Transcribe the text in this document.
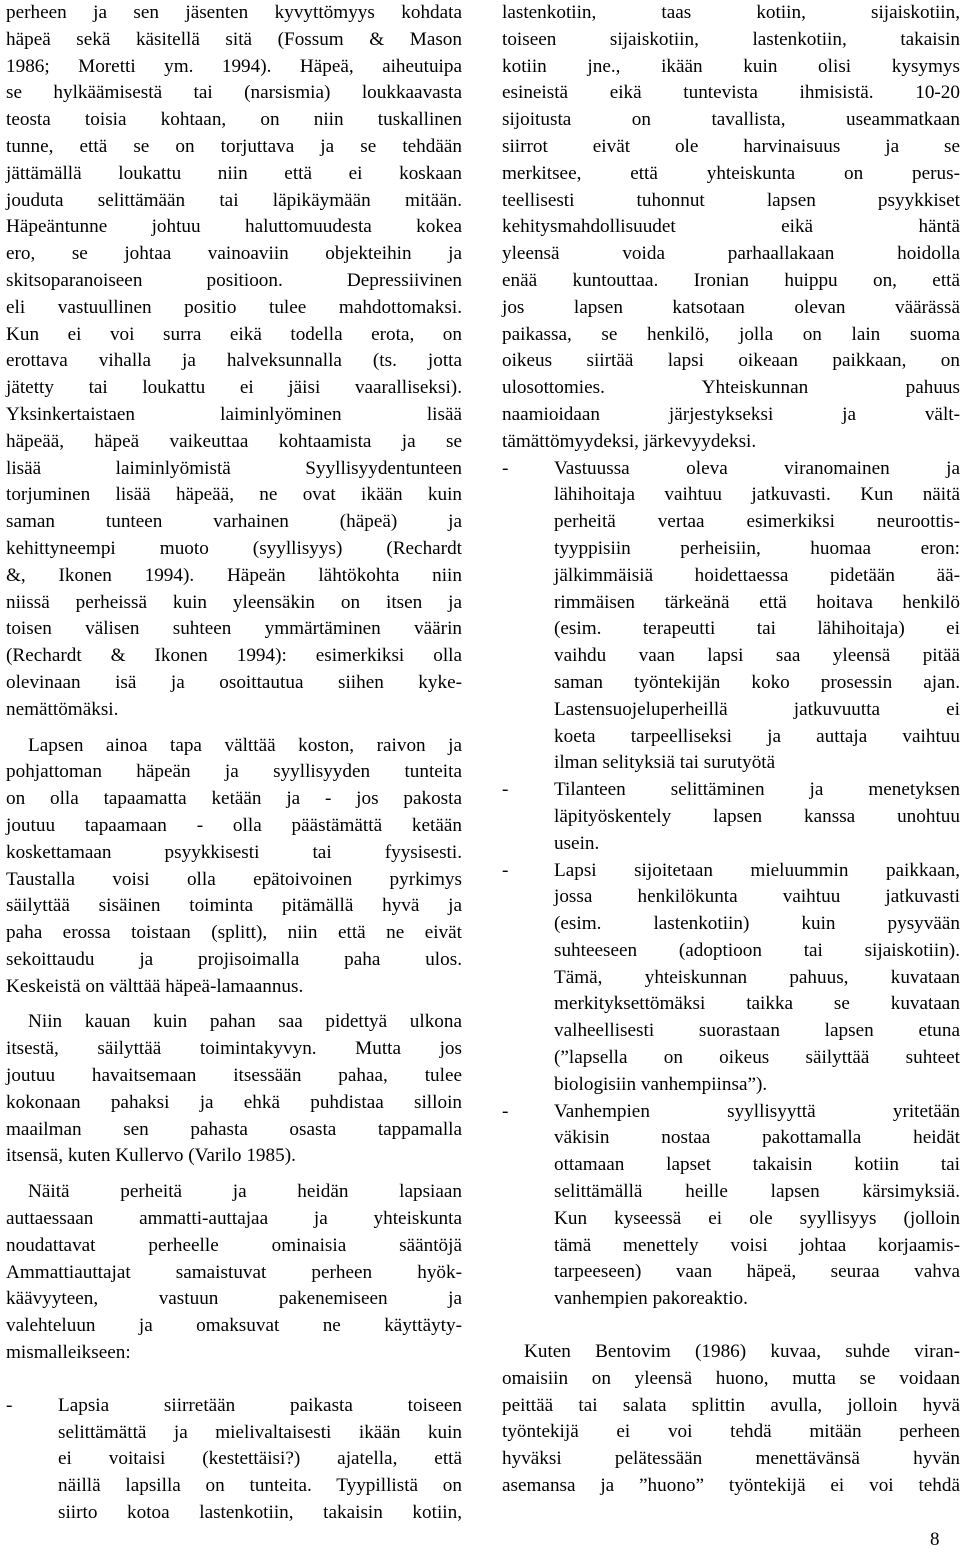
perheen ja sen jäsenten kyvyttömyys kohdata
häpeä sekä käsitellä sitä (Fossum & Mason
1986; Moretti ym. 1994). Häpeä, aiheutuipa
se hylkäämisestä tai (narsismia) loukkaavasta
teosta toisia kohtaan, on niin tuskallinen
tunne, että se on torjuttava ja se tehdään
jättämällä loukattu niin että ei koskaan
jouduta selittämään tai läpikäymään mitään.
Häpeäntunne johtuu haluttomuudesta kokea
ero, se johtaa vainoaviin objekteihin ja
skitsoparanoiseen positioon. Depressiivinen
eli vastuullinen positio tulee mahdottomaksi.
Kun ei voi surra eikä todella erota, on
erottava vihalla ja halveksunnalla (ts. jotta
jätetty tai loukattu ei jäisi vaaralliseksi).
Yksinkertaistaen laiminlyöminen lisää
häpeää, häpeä vaikeuttaa kohtaamista ja se
lisää laiminlyömistä Syyllisyydentunteen
torjuminen lisää häpeää, ne ovat ikään kuin
saman tunteen varhainen (häpeä) ja
kehittyneempi muoto (syyllisyys) (Rechardt
&, Ikonen 1994). Häpeän lähtökohta niin
niissä perheissä kuin yleensäkin on itsen ja
toisen välisen suhteen ymmärtäminen väärin
(Rechardt & Ikonen 1994): esimerkiksi olla
olevinaan isä ja osoittautua siihen kyke-
nemättömäksi.
Lapsen ainoa tapa välttää koston, raivon ja
pohjattoman häpeän ja syyllisyyden tunteita
on olla tapaamatta ketään ja - jos pakosta
joutuu tapaamaan - olla päästämättä ketään
koskettamaan psyykkisesti tai fyysisesti.
Taustalla voisi olla epätoivoinen pyrkimys
säilyttää sisäinen toiminta pitämällä hyvä ja
paha erossa toistaan (splitt), niin että ne eivät
sekoittaudu ja projisoimalla paha ulos.
Keskeistä on välttää häpeä-lamaannus.
Niin kauan kuin pahan saa pidettyä ulkona
itsestä, säilyttää toimintakyvyn. Mutta jos
joutuu havaitsemaan itsessään pahaa, tulee
kokonaan pahaksi ja ehkä puhdistaa silloin
maailman sen pahasta osasta tappamalla
itsensä, kuten Kullervo (Varilo 1985).
Näitä perheitä ja heidän lapsiaan
auttaessaan ammatti-auttajaa ja yhteiskunta
noudattavat perheelle ominaisia sääntöjä
Ammattiauttajat samaistuvat perheen hyök-
käävyyteen, vastuun pakenemiseen ja
valehteluun ja omaksuvat ne käyttäyty-
mismalleikseen:
- Lapsia siirretään paikasta toiseen
selittämättä ja mielivaltaisesti ikään kuin
ei voitaisi (kestettäisi?) ajatella, että
näillä lapsilla on tunteita. Tyypillistä on
siirto kotoa lastenkotiin, takaisin kotiin,
lastenkotiin, taas kotiin, sijaiskotiin,
toiseen sijaiskotiin, lastenkotiin, takaisin
kotiin jne., ikään kuin olisi kysymys
esineistä eikä tuntevista ihmisistä. 10-20
sijoitusta on tavallista, useammatkaan
siirrot eivät ole harvinaisuus ja se
merkitsee, että yhteiskunta on perus-
teellisesti tuhonnut lapsen psyykkiset
kehitysmahdollisuudet eikä häntä
yleensä voida parhaallakaan hoidolla
enää kuntouttaa. Ironian huippu on, että
jos lapsen katsotaan olevan väärässä
paikassa, se henkilö, jolla on lain suoma
oikeus siirtää lapsi oikeaan paikkaan, on
ulosottomies. Yhteiskunnan pahuus
naamioidaan järjestykseksi ja vält-
tämättömyydeksi, järkevyydeksi.
- Vastuussa oleva viranomainen ja
lähihoitaja vaihtuu jatkuvasti. Kun näitä
perheitä vertaa esimerkiksi neuroottis-
tyyppisiin perheisiin, huomaa eron:
jälkimmäisiä hoidettaessa pidetään ää-
rimmäisen tärkeänä että hoitava henkilö
(esim. terapeutti tai lähihoitaja) ei
vaihdu vaan lapsi saa yleensä pitää
saman työntekijän koko prosessin ajan.
Lastensuojeluperheillä jatkuvuutta ei
koeta tarpeelliseksi ja auttaja vaihtuu
ilman selityksiä tai surutyötä
- Tilanteen selittäminen ja menetyksen
läpityöskentely lapsen kanssa unohtuu
usein.
- Lapsi sijoitetaan mieluummin paikkaan,
jossa henkilökunta vaihtuu jatkuvasti
(esim. lastenkotiin) kuin pysyvään
suhteeseen (adoptioon tai sijaiskotiin).
Tämä, yhteiskunnan pahuus, kuvataan
merkityksettömäksi taikka se kuvataan
valheellisesti suorastaan lapsen etuna
(”lapsella on oikeus säilyttää suhteet
biologisiin vanhempiinsa”).
- Vanhempien syyllisyyttä yritetään
väkisin nostaa pakottamalla heidät
ottamaan lapset takaisin kotiin tai
selittämällä heille lapsen kärsimyksiä.
Kun kyseessä ei ole syyllisyys (jolloin
tämä menettely voisi johtaa korjaamis-
tarpeeseen) vaan häpeä, seuraa vahva
vanhempien pakoreaktio.
Kuten Bentovim (1986) kuvaa, suhde viran-
omaisiin on yleensä huono, mutta se voidaan
peittää tai salata splittin avulla, jolloin hyvä
työntekijä ei voi tehdä mitään perheen
hyväksi pelätessään menettävänsä hyvän
asemansa ja ”huono” työntekijä ei voi tehdä
8
